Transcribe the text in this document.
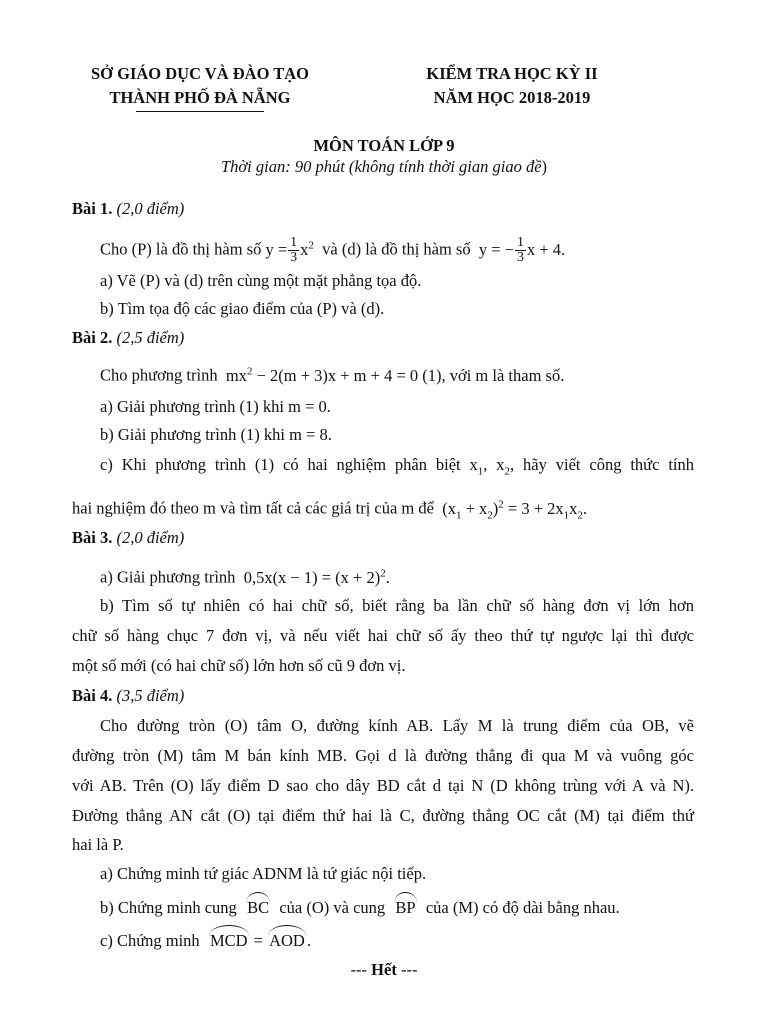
SỞ GIÁO DỤC VÀ ĐÀO TẠO
THÀNH PHỐ ĐÀ NẴNG
KIỂM TRA HỌC KỲ II
NĂM HỌC 2018-2019
MÔN TOÁN LỚP 9
Thời gian: 90 phút (không tính thời gian giao đề)
Bài 1. (2,0 điểm)
Cho (P) là đồ thị hàm số $y = \frac{1}{3} x^2$ và (d) là đồ thị hàm số y = − $\frac{1}{3}$ x + 4.
a) Vẽ (P) và (d) trên cùng một mặt phẳng tọa độ.
b) Tìm tọa độ các giao điểm của (P) và (d).
Bài 2. (2,5 điểm)
Cho phương trình $mx^2 - 2(m + 3)x + m + 4 = 0$ (1), với m là tham số.
a) Giải phương trình (1) khi m = 0.
b) Giải phương trình (1) khi m = 8.
c) Khi phương trình (1) có hai nghiệm phân biệt $x_1$, $x_2$, hãy viết công thức tính
hai nghiệm đó theo m và tìm tất cả các giá trị của m để $(x_1 + x_2)^2 = 3 + 2x_1x_2$.
Bài 3. (2,0 điểm)
a) Giải phương trình $0,5x(x - 1) = (x + 2)^2$.
b) Tìm số tự nhiên có hai chữ số, biết rằng ba lần chữ số hàng đơn vị lớn hơn
chữ số hàng chục 7 đơn vị, và nếu viết hai chữ số ấy theo thứ tự ngược lại thì được
một số mới (có hai chữ số) lớn hơn số cũ 9 đơn vị.
Bài 4. (3,5 điểm)
Cho đường tròn (O) tâm O, đường kính AB. Lấy M là trung điểm của OB, vẽ
đường tròn (M) tâm M bán kính MB. Gọi d là đường thẳng đi qua M và vuông góc
với AB. Trên (O) lấy điểm D sao cho dây BD cắt d tại N (D không trùng với A và N).
Đường thẳng AN cắt (O) tại điểm thứ hai là C, đường thẳng OC cắt (M) tại điểm thứ
hai là P.
a) Chứng minh tứ giác ADNM là tứ giác nội tiếp.
b) Chứng minh cung BC của (O) và cung BP của (M) có độ dài bằng nhau.
c) Chứng minh MCD = AOD .
--- Hết ---
